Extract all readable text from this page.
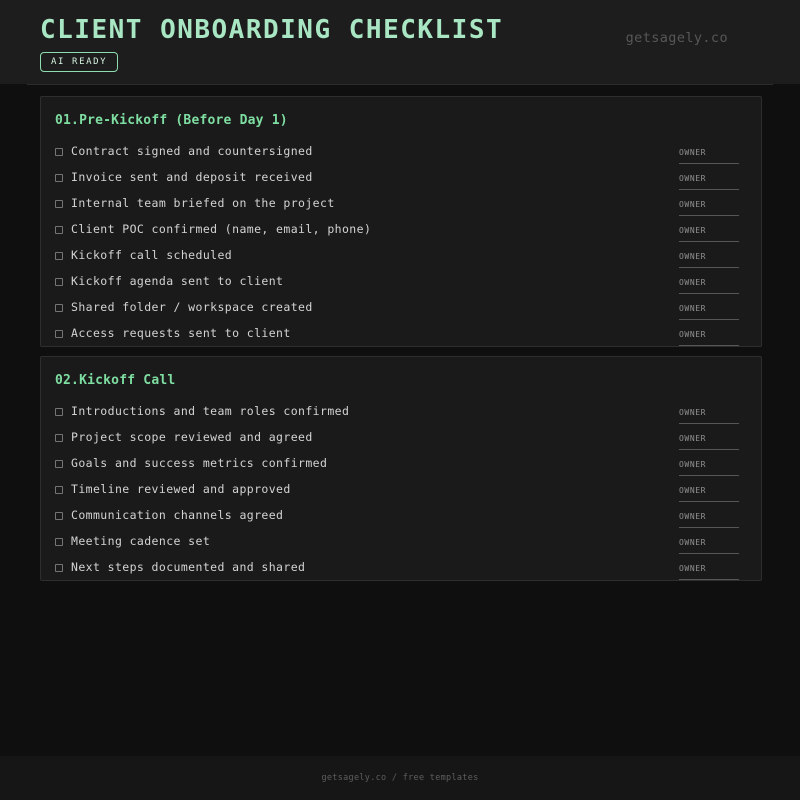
CLIENT ONBOARDING CHECKLIST
AI READY
getsagely.co
01.Pre-Kickoff (Before Day 1)
Contract signed and countersigned	OWNER
Invoice sent and deposit received	OWNER
Internal team briefed on the project	OWNER
Client POC confirmed (name, email, phone)	OWNER
Kickoff call scheduled	OWNER
Kickoff agenda sent to client	OWNER
Shared folder / workspace created	OWNER
Access requests sent to client	OWNER
02.Kickoff Call
Introductions and team roles confirmed	OWNER
Project scope reviewed and agreed	OWNER
Goals and success metrics confirmed	OWNER
Timeline reviewed and approved	OWNER
Communication channels agreed	OWNER
Meeting cadence set	OWNER
Next steps documented and shared	OWNER
getsagely.co / free templates
